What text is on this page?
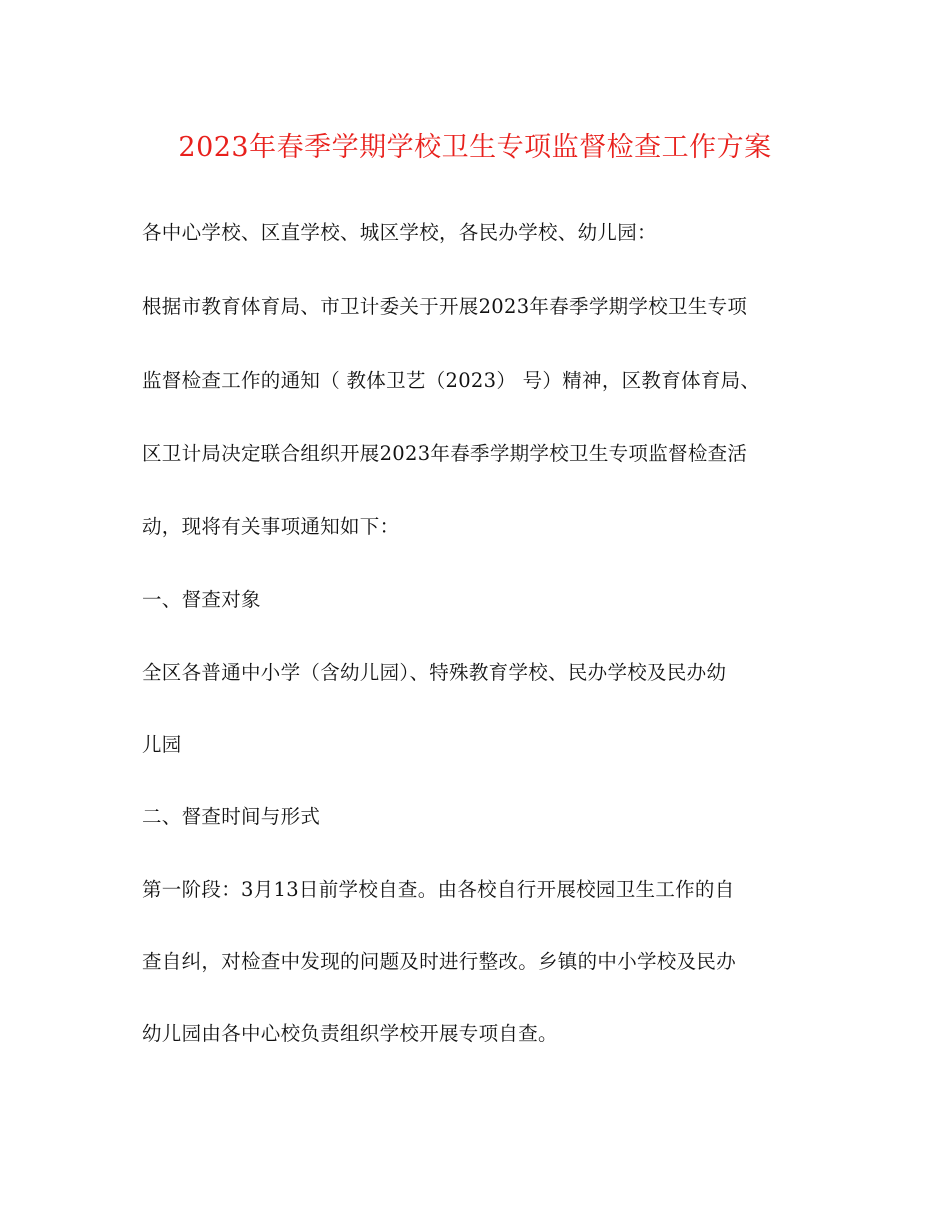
2023年春季学期学校卫生专项监督检查工作方案
各中心学校、区直学校、城区学校，各民办学校、幼儿园：
根据市教育体育局、市卫计委关于开展2023年春季学期学校卫生专项
监督检查工作的通知（ 教体卫艺（2023） 号）精神，区教育体育局、
区卫计局决定联合组织开展2023年春季学期学校卫生专项监督检查活
动，现将有关事项通知如下：
一、督查对象
全区各普通中小学（含幼儿园）、特殊教育学校、民办学校及民办幼
儿园
二、督查时间与形式
第一阶段：3月13日前学校自查。由各校自行开展校园卫生工作的自
查自纠，对检查中发现的问题及时进行整改。乡镇的中小学校及民办
幼儿园由各中心校负责组织学校开展专项自查。
